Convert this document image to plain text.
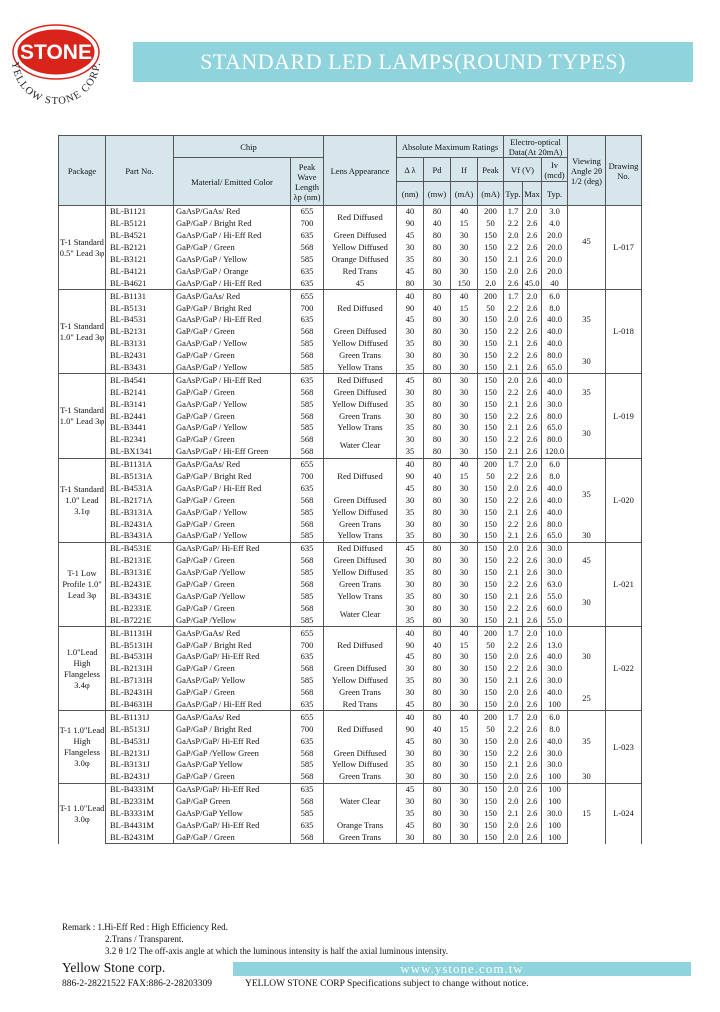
STONE
YELLOW STONE CORP.	STANDARD LED LAMPS(ROUND TYPES)
Package	Part No.	Chip		Lens Appearance	Absolute Maximum Ratings				Electro-optical Data(At 20mA)			Viewing Angle 2θ 1/2 (deg)	Drawing No.
		Material/ Emitted Color	Peak Wave Length λp (nm)		Δ λ	Pd	If	Peak	Vf (V)		Iv (mcd)		
					(nm)	(mw)	(mA)	(mA)	Typ.	Max	Typ.		
T-1 Standard 0.5" Lead 3φ	BL-B1121	GaAsP/GaAs/ Red	655	Red Diffused	40	80	40	200	1.7	2.0	3.0	45	L-017
	BL-B5121	GaP/GaP / Bright Red	700		90	40	15	50	2.2	2.6	4.0		
	BL-B4521	GaAsP/GaP / Hi-Eff Red	635	Green Diffused	45	80	30	150	2.0	2.6	20.0		
	BL-B2121	GaP/GaP / Green	568	Yellow Diffused	30	80	30	150	2.2	2.6	20.0		
	BL-B3121	GaAsP/GaP / Yellow	585	Orange Diffused	35	80	30	150	2.1	2.6	20.0		
	BL-B4121	GaAsP/GaP / Orange	635	Red Trans	45	80	30	150	2.0	2.6	20.0		
	BL-B4621	GaAsP/GaP / Hi-Eff Red	635	45	80	30	150	2.0	2.6	45.0	40		
T-1 Standard 1.0" Lead 3φ	BL-B1131	GaAsP/GaAs/ Red	655	Red Diffused	40	80	40	200	1.7	2.0	6.0	35	L-018
	BL-B5131	GaP/GaP / Bright Red	700		90	40	15	50	2.2	2.6	8.0		
	BL-B4531	GaAsP/GaP / Hi-Eff Red	635		45	80	30	150	2.0	2.6	40.0		
	BL-B2131	GaP/GaP / Green	568	Green Diffused	30	80	30	150	2.2	2.6	40.0		
	BL-B3131	GaAsP/GaP / Yellow	585	Yellow Diffused	35	80	30	150	2.1	2.6	40.0		
	BL-B2431	GaP/GaP / Green	568	Green Trans	30	80	30	150	2.2	2.6	80.0	30	
	BL-B3431	GaAsP/GaP / Yellow	585	Yellow Trans	35	80	30	150	2.1	2.6	65.0		
T-1 Standard 1.0" Lead 3φ	BL-B4541	GaAsP/GaP / Hi-Eff Red	635	Red Diffused	45	80	30	150	2.0	2.6	40.0	35	L-019
	BL-B2141	GaP/GaP / Green	568	Green Diffused	30	80	30	150	2.2	2.6	40.0		
	BL-B3141	GaAsP/GaP / Yellow	585	Yellow Diffused	35	80	30	150	2.1	2.6	30.0		
	BL-B2441	GaP/GaP / Green	568	Green Trans	30	80	30	150	2.2	2.6	80.0	30	
	BL-B3441	GaAsP/GaP / Yellow	585	Yellow Trans	35	80	30	150	2.1	2.6	65.0		
	BL-B2341	GaP/GaP / Green	568	Water Clear	30	80	30	150	2.2	2.6	80.0		
	BL-BX1341	GaAsP/GaP / Hi-Eff Green	568		35	80	30	150	2.1	2.6	120.0		
T-1 Standard 1.0" Lead 3.1φ	BL-B1131A	GaAsP/GaAs/ Red	655	Red Diffused	40	80	40	200	1.7	2.0	6.0	35	L-020
	BL-B5131A	GaP/GaP / Bright Red	700		90	40	15	50	2.2	2.6	8.0		
	BL-B4531A	GaAsP/GaP / Hi-Eff Red	635		45	80	30	150	2.0	2.6	40.0		
	BL-B2171A	GaP/GaP / Green	568	Green Diffused	30	80	30	150	2.2	2.6	40.0		
	BL-B3131A	GaAsP/GaP / Yellow	585	Yellow Diffused	35	80	30	150	2.1	2.6	40.0		
	BL-B2431A	GaP/GaP / Green	568	Green Trans	30	80	30	150	2.2	2.6	80.0		
	BL-B3431A	GaAsP/GaP / Yellow	585	Yellow Trans	35	80	30	150	2.1	2.6	65.0	30	
T-1 Low Profile 1.0" Lead 3φ	BL-B4531E	GaAsP/GaP/ Hi-Eff Red	635	Red Diffused	45	80	30	150	2.0	2.6	30.0	45	L-021
	BL-B2131E	GaP/GaP / Green	568	Green Diffused	30	80	30	150	2.2	2.6	30.0		
	BL-B3131E	GaAsP/GaP /Yellow	585	Yellow Diffused	35	80	30	150	2.1	2.6	30.0		
	BL-B2431E	GaP/GaP / Green	568	Green Trans	30	80	30	150	2.2	2.6	63.0	30	
	BL-B3431E	GaAsP/GaP /Yellow	585	Yellow Trans	35	80	30	150	2.1	2.6	55.0		
	BL-B2331E	GaP/GaP / Green	568	Water Clear	30	80	30	150	2.2	2.6	60.0		
	BL-B7221E	GaP/GaP /Yellow	585		35	80	30	150	2.1	2.6	55.0		
1.0"Lead High Flangeless 3.4φ	BL-B1131H	GaAsP/GaAs/ Red	655	Red Diffused	40	80	40	200	1.7	2.0	10.0	30	L-022
	BL-B5131H	GaP/GaP / Bright Red	700		90	40	15	50	2.2	2.6	13.0		
	BL-B4531H	GaAsP/GaP/ Hi-Eff Red	635		45	80	30	150	2.0	2.6	40.0		
	BL-B2131H	GaP/GaP / Green	568	Green Diffused	30	80	30	150	2.2	2.6	30.0		
	BL-B7131H	GaAsP/GaP/ Yellow	585	Yellow Diffused	35	80	30	150	2.1	2.6	30.0		
	BL-B2431H	GaP/GaP / Green	568	Green Trans	30	80	30	150	2.0	2.6	40.0	25	
	BL-B4631H	GaAsP/GaP / Hi-Eff Red	635	Red Trans	45	80	30	150	2.0	2.6	100		
T-1 1.0"Lead High Flangeless 3.0φ	BL-B1131J	GaAsP/GaAs/ Red	655	Red Diffused	40	80	40	200	1.7	2.0	6.0	35	L-023
	BL-B5131J	GaP/GaP / Bright Red	700		90	40	15	50	2.2	2.6	8.0		
	BL-B4531J	GaAsP/GaP/ Hi-Eff Red	635		45	80	30	150	2.0	2.6	40.0		
	BL-B2131J	GaP/GaP /Yellow Green	568	Green Diffused	30	80	30	150	2.2	2.6	30.0		
	BL-B3131J	GaAsP/GaP Yellow	585	Yellow Diffused	35	80	30	150	2.1	2.6	30.0		
	BL-B2431J	GaP/GaP / Green	568	Green Trans	30	80	30	150	2.0	2.6	100	30	
T-1 1.0"Lead 3.0φ	BL-B4331M	GaAsP/GaP/ Hi-Eff Red	635	Water Clear	45	80	30	150	2.0	2.6	100	15	L-024
	BL-B2331M	GaP/GaP Green	568		30	80	30	150	2.0	2.6	100		
	BL-B3331M	GaAsP/GaP Yellow	585		35	80	30	150	2.1	2.6	30.0		
	BL-B4431M	GaAsP/GaP/ Hi-Eff Red	635	Orange Trans	45	80	30	150	2.0	2.6	100		
	BL-B2431M	GaP/GaP / Green	568	Green Trans	30	80	30	150	2.0	2.6	100		
Remark : 1.Hi-Eff Red : High Efficiency Red.
2.Trans / Transparent.
3.2 θ 1/2 The off-axis angle at which the luminous intensity is half the axial luminous intensity.
Yellow Stone corp.	www.ystone.com.tw
886-2-28221522 FAX:886-2-28203309	YELLOW STONE CORP Specifications subject to change without notice.
